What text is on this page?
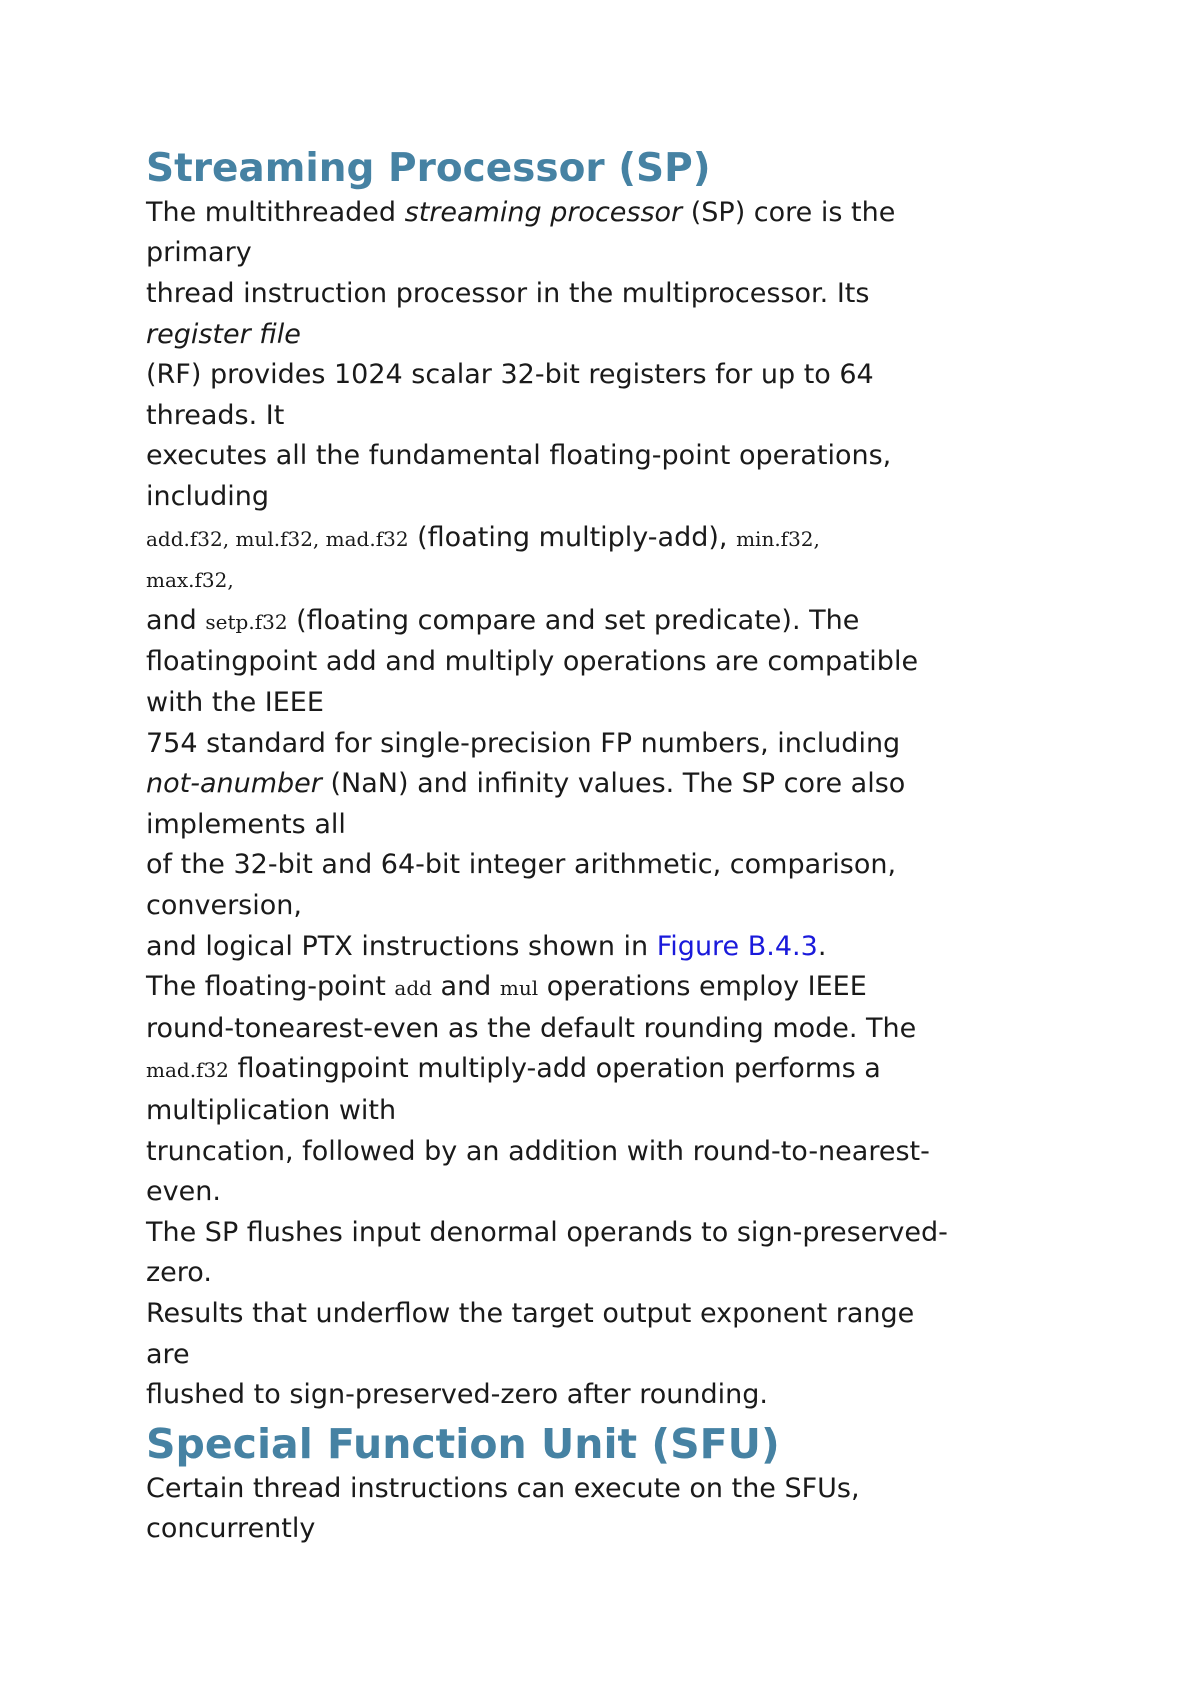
Streaming Processor (SP)
The multithreaded streaming processor (SP) core is the
primary
thread instruction processor in the multiprocessor. Its
register file
(RF) provides 1024 scalar 32-bit registers for up to 64
threads. It
executes all the fundamental floating-point operations,
including
add.f32, mul.f32, mad.f32 (floating multiply-add), min.f32,
max.f32,
and setp.f32 (floating compare and set predicate). The
floatingpoint add and multiply operations are compatible
with the IEEE
754 standard for single-precision FP numbers, including
not-anumber (NaN) and infinity values. The SP core also
implements all
of the 32-bit and 64-bit integer arithmetic, comparison,
conversion,
and logical PTX instructions shown in Figure B.4.3.
The floating-point add and mul operations employ IEEE
round-tonearest-even as the default rounding mode. The
mad.f32 floatingpoint multiply-add operation performs a
multiplication with
truncation, followed by an addition with round-to-nearest-
even.
The SP flushes input denormal operands to sign-preserved-
zero.
Results that underflow the target output exponent range
are
flushed to sign-preserved-zero after rounding.
Special Function Unit (SFU)
Certain thread instructions can execute on the SFUs,
concurrently
